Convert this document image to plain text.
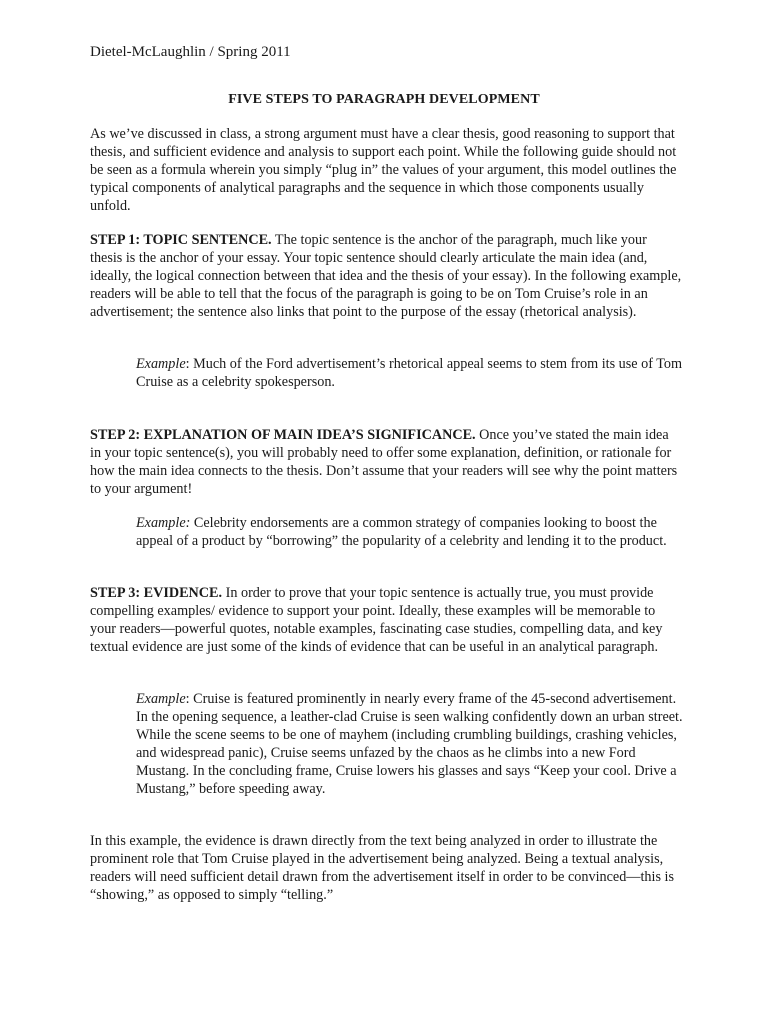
Dietel-McLaughlin / Spring 2011
FIVE STEPS TO PARAGRAPH DEVELOPMENT

As we’ve discussed in class, a strong argument must have a clear thesis, good reasoning to support that thesis, and sufficient evidence and analysis to support each point. While the following guide should not be seen as a formula wherein you simply “plug in” the values of your argument, this model outlines the typical components of analytical paragraphs and the sequence in which those components usually unfold.

STEP 1: TOPIC SENTENCE. The topic sentence is the anchor of the paragraph, much like your thesis is the anchor of your essay. Your topic sentence should clearly articulate the main idea (and, ideally, the logical connection between that idea and the thesis of your essay). In the following example, readers will be able to tell that the focus of the paragraph is going to be on Tom Cruise’s role in an advertisement; the sentence also links that point to the purpose of the essay (rhetorical analysis).

Example: Much of the Ford advertisement’s rhetorical appeal seems to stem from its use of Tom Cruise as a celebrity spokesperson.

STEP 2: EXPLANATION OF MAIN IDEA’S SIGNIFICANCE. Once you’ve stated the main idea in your topic sentence(s), you will probably need to offer some explanation, definition, or rationale for how the main idea connects to the thesis. Don’t assume that your readers will see why the point matters to your argument!

Example: Celebrity endorsements are a common strategy of companies looking to boost the appeal of a product by “borrowing” the popularity of a celebrity and lending it to the product.

STEP 3: EVIDENCE. In order to prove that your topic sentence is actually true, you must provide compelling examples/ evidence to support your point. Ideally, these examples will be memorable to your readers—powerful quotes, notable examples, fascinating case studies, compelling data, and key textual evidence are just some of the kinds of evidence that can be useful in an analytical paragraph.

Example: Cruise is featured prominently in nearly every frame of the 45-second advertisement. In the opening sequence, a leather-clad Cruise is seen walking confidently down an urban street. While the scene seems to be one of mayhem (including crumbling buildings, crashing vehicles, and widespread panic), Cruise seems unfazed by the chaos as he climbs into a new Ford Mustang. In the concluding frame, Cruise lowers his glasses and says “Keep your cool. Drive a Mustang,” before speeding away.

In this example, the evidence is drawn directly from the text being analyzed in order to illustrate the prominent role that Tom Cruise played in the advertisement being analyzed. Being a textual analysis, readers will need sufficient detail drawn from the advertisement itself in order to be convinced—this is “showing,” as opposed to simply “telling.”
